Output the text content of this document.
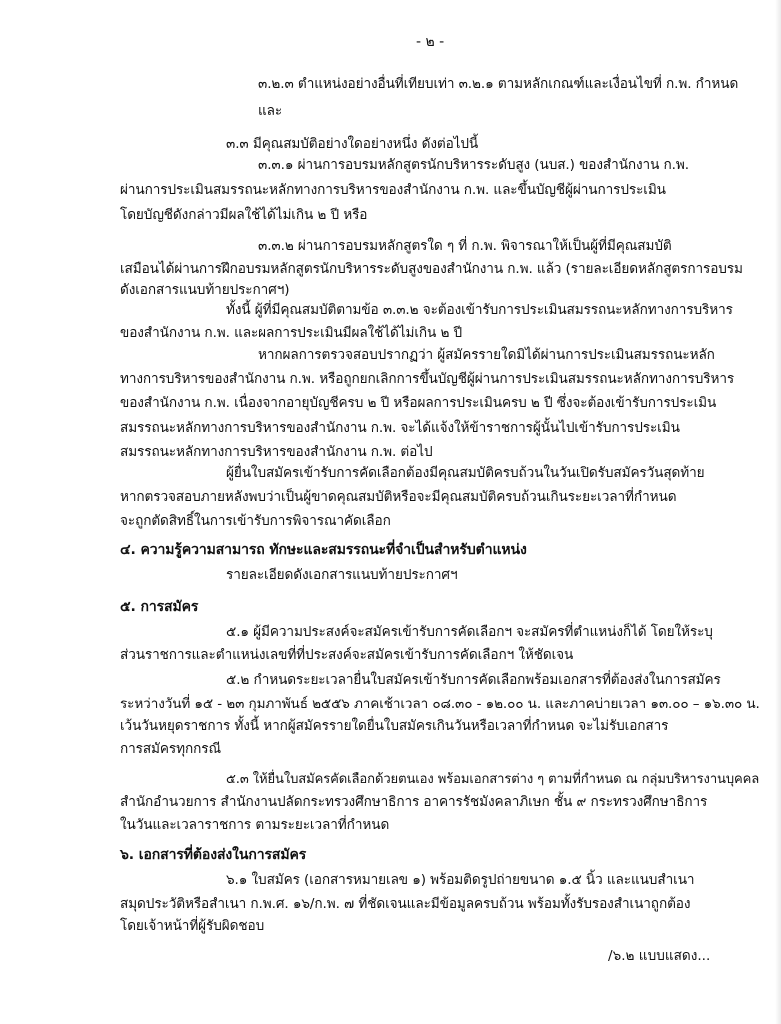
- ๒ -

๓.๒.๓ ตำแหน่งอย่างอื่นที่เทียบเท่า ๓.๒.๑ ตามหลักเกณฑ์และเงื่อนไขที่ ก.พ. กำหนด

และ

๓.๓ มีคุณสมบัติอย่างใดอย่างหนึ่ง ดังต่อไปนี้

๓.๓.๑ ผ่านการอบรมหลักสูตรนักบริหารระดับสูง (นบส.) ของสำนักงาน ก.พ.

ผ่านการประเมินสมรรถนะหลักทางการบริหารของสำนักงาน ก.พ. และขึ้นบัญชีผู้ผ่านการประเมิน

โดยบัญชีดังกล่าวมีผลใช้ได้ไม่เกิน ๒ ปี หรือ

๓.๓.๒ ผ่านการอบรมหลักสูตรใด ๆ ที่ ก.พ. พิจารณาให้เป็นผู้ที่มีคุณสมบัติ

เสมือนได้ผ่านการฝึกอบรมหลักสูตรนักบริหารระดับสูงของสำนักงาน ก.พ. แล้ว (รายละเอียดหลักสูตรการอบรม

ดังเอกสารแนบท้ายประกาศฯ)

ทั้งนี้ ผู้ที่มีคุณสมบัติตามข้อ ๓.๓.๒ จะต้องเข้ารับการประเมินสมรรถนะหลักทางการบริหาร

ของสำนักงาน ก.พ. และผลการประเมินมีผลใช้ได้ไม่เกิน ๒ ปี

หากผลการตรวจสอบปรากฏว่า ผู้สมัครรายใดมิได้ผ่านการประเมินสมรรถนะหลัก

ทางการบริหารของสำนักงาน ก.พ. หรือถูกยกเลิกการขึ้นบัญชีผู้ผ่านการประเมินสมรรถนะหลักทางการบริหาร

ของสำนักงาน ก.พ. เนื่องจากอายุบัญชีครบ ๒ ปี หรือผลการประเมินครบ ๒ ปี ซึ่งจะต้องเข้ารับการประเมิน

สมรรถนะหลักทางการบริหารของสำนักงาน ก.พ. จะได้แจ้งให้ข้าราชการผู้นั้นไปเข้ารับการประเมิน

สมรรถนะหลักทางการบริหารของสำนักงาน ก.พ. ต่อไป

ผู้ยื่นใบสมัครเข้ารับการคัดเลือกต้องมีคุณสมบัติครบถ้วนในวันเปิดรับสมัครวันสุดท้าย

หากตรวจสอบภายหลังพบว่าเป็นผู้ขาดคุณสมบัติหรือจะมีคุณสมบัติครบถ้วนเกินระยะเวลาที่กำหนด

จะถูกตัดสิทธิ์ในการเข้ารับการพิจารณาคัดเลือก

๔. ความรู้ความสามารถ ทักษะและสมรรถนะที่จำเป็นสำหรับตำแหน่ง

รายละเอียดดังเอกสารแนบท้ายประกาศฯ

๕. การสมัคร

๕.๑ ผู้มีความประสงค์จะสมัครเข้ารับการคัดเลือกฯ จะสมัครที่ตำแหน่งก็ได้ โดยให้ระบุ

ส่วนราชการและตำแหน่งเลขที่ที่ประสงค์จะสมัครเข้ารับการคัดเลือกฯ ให้ชัดเจน

๕.๒ กำหนดระยะเวลายื่นใบสมัครเข้ารับการคัดเลือกพร้อมเอกสารที่ต้องส่งในการสมัคร

ระหว่างวันที่ ๑๕ - ๒๓ กุมภาพันธ์ ๒๕๕๖ ภาคเช้าเวลา ๐๘.๓๐ - ๑๒.๐๐ น. และภาคบ่ายเวลา ๑๓.๐๐ – ๑๖.๓๐ น.

เว้นวันหยุดราชการ ทั้งนี้ หากผู้สมัครรายใดยื่นใบสมัครเกินวันหรือเวลาที่กำหนด จะไม่รับเอกสาร

การสมัครทุกกรณี

๕.๓ ให้ยื่นใบสมัครคัดเลือกด้วยตนเอง พร้อมเอกสารต่าง ๆ ตามที่กำหนด ณ กลุ่มบริหารงานบุคคล

สำนักอำนวยการ สำนักงานปลัดกระทรวงศึกษาธิการ อาคารรัชมังคลาภิเษก ชั้น ๙ กระทรวงศึกษาธิการ

ในวันและเวลาราชการ ตามระยะเวลาที่กำหนด

๖. เอกสารที่ต้องส่งในการสมัคร

๖.๑ ใบสมัคร (เอกสารหมายเลข ๑) พร้อมติดรูปถ่ายขนาด ๑.๕ นิ้ว และแนบสำเนา

สมุดประวัติหรือสำเนา ก.พ.ศ. ๑๖/ก.พ. ๗ ที่ชัดเจนและมีข้อมูลครบถ้วน พร้อมทั้งรับรองสำเนาถูกต้อง

โดยเจ้าหน้าที่ผู้รับผิดชอบ

/๖.๒ แบบแสดง...
